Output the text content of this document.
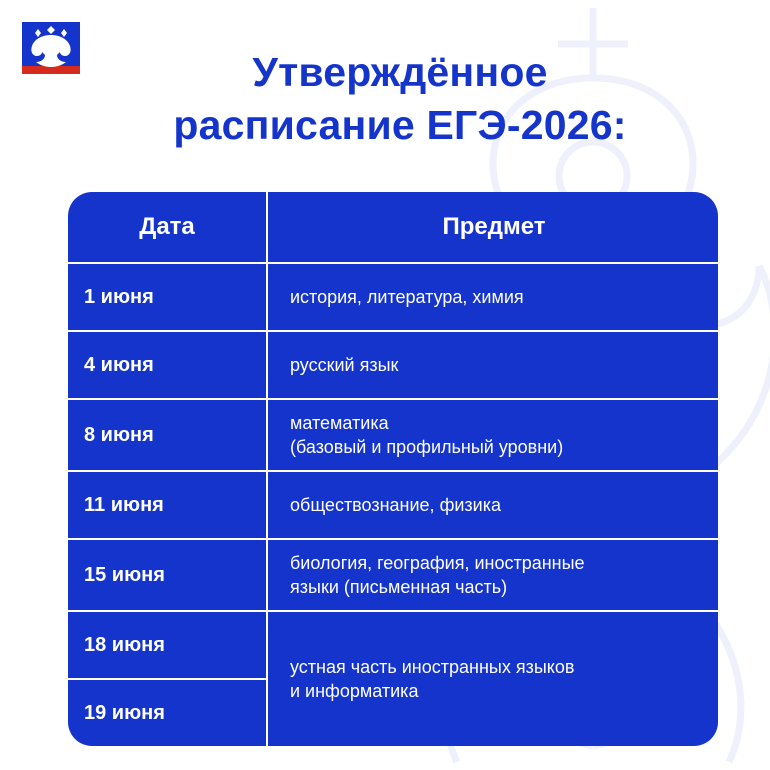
Утверждённое
расписание ЕГЭ-2026:
Дата	Предмет
1 июня	история, литература, химия

4 июня	русский язык

8 июня	математика
(базовый и профильный уровни)

11 июня	обществознание, физика

15 июня	биология, география, иностранные
языки (письменная часть)

18 июня	устная часть иностранных языков
и информатика

19 июня	
